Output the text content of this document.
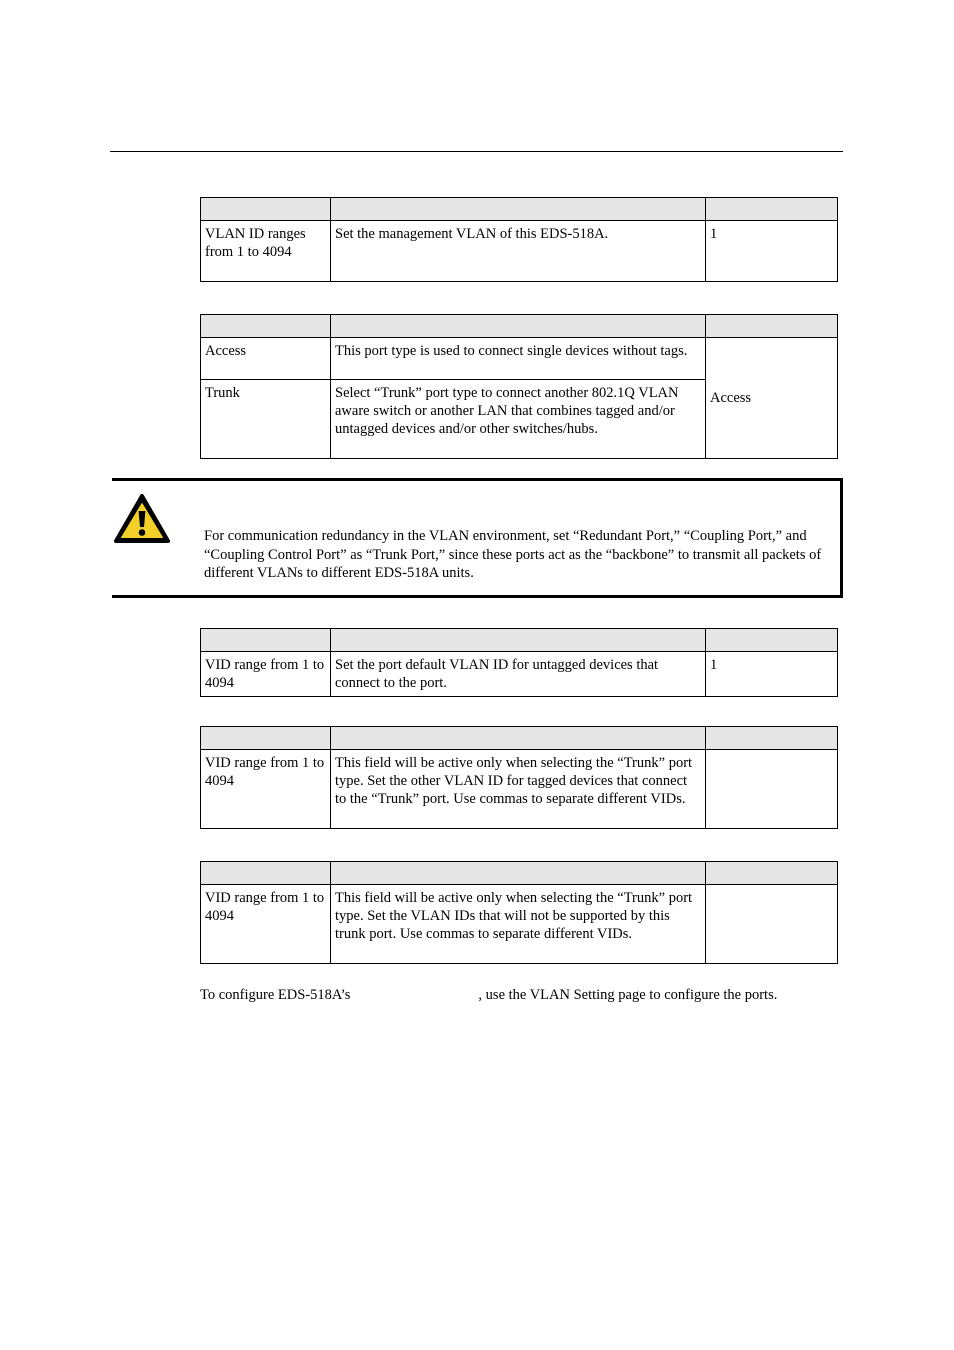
VLAN ID ranges from 1 to 4094	Set the management VLAN of this EDS-518A.	1

Access	This port type is used to connect single devices without tags.	Access
Trunk	Select “Trunk” port type to connect another 802.1Q VLAN aware switch or another LAN that combines tagged and/or untagged devices and/or other switches/hubs.	
For communication redundancy in the VLAN environment, set “Redundant Port,” “Coupling Port,” and “Coupling Control Port” as “Trunk Port,” since these ports act as the “backbone” to transmit all packets of different VLANs to different EDS-518A units.

VID range from 1 to 4094	Set the port default VLAN ID for untagged devices that connect to the port.	1

VID range from 1 to 4094	This field will be active only when selecting the “Trunk” port type. Set the other VLAN ID for tagged devices that connect to the “Trunk” port. Use commas to separate different VIDs.	

VID range from 1 to 4094	This field will be active only when selecting the “Trunk” port type. Set the VLAN IDs that will not be supported by this trunk port. Use commas to separate different VIDs.	
To configure EDS-518A’s	, use the VLAN Setting page to configure the ports.
